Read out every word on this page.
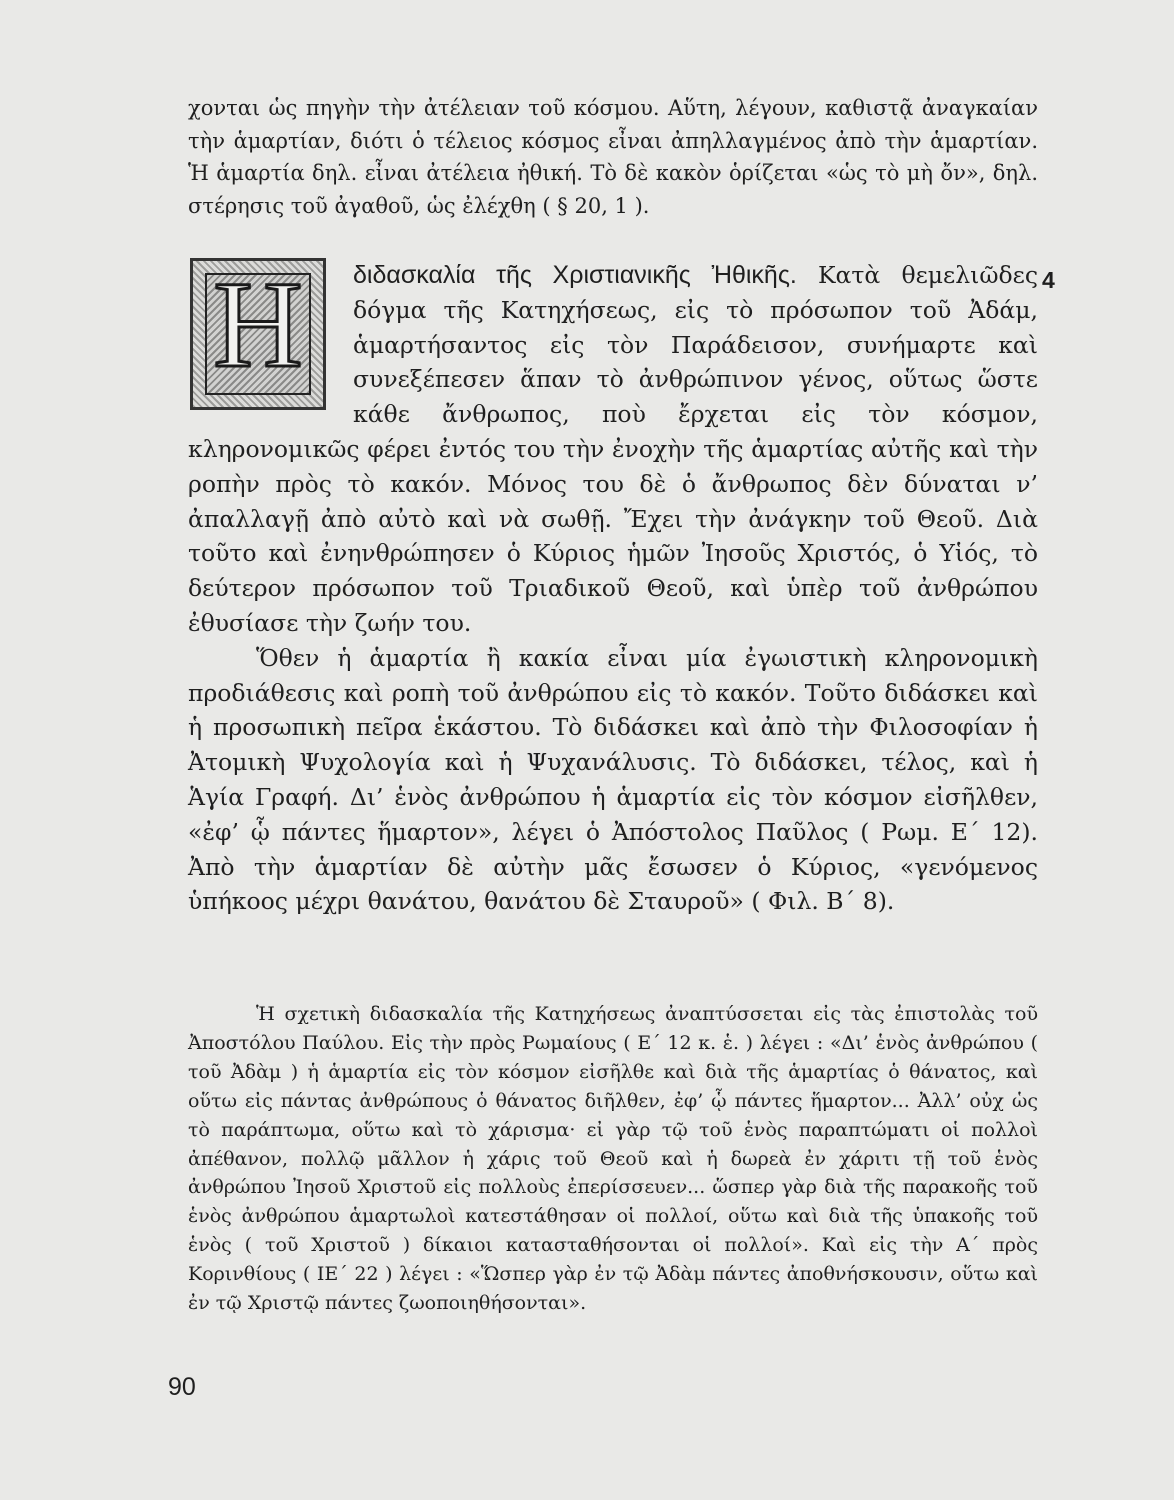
χονται ὡς πηγὴν τὴν ἀτέλειαν τοῦ κόσμου. Αὕτη, λέγουν, καθιστᾷ ἀναγκαίαν τὴν ἁμαρτίαν, διότι ὁ τέλειος κόσμος εἶναι ἀπηλλαγμένος ἀπὸ τὴν ἁμαρτίαν. Ἡ ἁμαρτία δηλ. εἶναι ἀτέλεια ἠθική. Τὸ δὲ κακὸν ὁρίζεται «ὡς τὸ μὴ ὄν», δηλ. στέρησις τοῦ ἀγαθοῦ, ὡς ἐλέχθη ( § 20, 1 ).

Η	4

διδασκαλία τῆς Χριστιανικῆς Ἠθικῆς. Κατὰ θεμελιῶδες δόγμα τῆς Κατηχήσεως, εἰς τὸ πρόσωπον τοῦ Ἀδάμ, ἁμαρτήσαντος εἰς τὸν Παράδεισον, συνήμαρτε καὶ συνεξέπεσεν ἅπαν τὸ ἀνθρώπινον γένος, οὕτως ὥστε κάθε ἄνθρωπος, ποὺ ἔρχεται εἰς τὸν κόσμον, κληρονομικῶς φέρει ἐντός του τὴν ἐνοχὴν τῆς ἁμαρτίας αὐτῆς καὶ τὴν ροπὴν πρὸς τὸ κακόν. Μόνος του δὲ ὁ ἄνθρωπος δὲν δύναται ν’ ἀπαλλαγῇ ἀπὸ αὐτὸ καὶ νὰ σωθῇ. Ἔχει τὴν ἀνάγκην τοῦ Θεοῦ. Διὰ τοῦτο καὶ ἐνηνθρώπησεν ὁ Κύριος ἡμῶν Ἰησοῦς Χριστός, ὁ Υἱός, τὸ δεύτερον πρόσωπον τοῦ Τριαδικοῦ Θεοῦ, καὶ ὑπὲρ τοῦ ἀνθρώπου ἐθυσίασε τὴν ζωήν του.

Ὅθεν ἡ ἁμαρτία ἢ κακία εἶναι μία ἐγωιστικὴ κληρονομικὴ προδιάθεσις καὶ ροπὴ τοῦ ἀνθρώπου εἰς τὸ κακόν. Τοῦτο διδάσκει καὶ ἡ προσωπικὴ πεῖρα ἑκάστου. Τὸ διδάσκει καὶ ἀπὸ τὴν Φιλοσοφίαν ἡ Ἀτομικὴ Ψυχολογία καὶ ἡ Ψυχανάλυσις. Τὸ διδάσκει, τέλος, καὶ ἡ Ἁγία Γραφή. Δι’ ἑνὸς ἀνθρώπου ἡ ἁμαρτία εἰς τὸν κόσμον εἰσῆλθεν, «ἐφ’ ᾧ πάντες ἥμαρτον», λέγει ὁ Ἀπόστολος Παῦλος ( Ρωμ. Ε΄ 12). Ἀπὸ τὴν ἁμαρτίαν δὲ αὐτὴν μᾶς ἔσωσεν ὁ Κύριος, «γενόμενος ὑπήκοος μέχρι θανάτου, θανάτου δὲ Σταυροῦ» ( Φιλ. Β΄ 8).

Ἡ σχετικὴ διδασκαλία τῆς Κατηχήσεως ἀναπτύσσεται εἰς τὰς ἐπιστολὰς τοῦ Ἀποστόλου Παύλου. Εἰς τὴν πρὸς Ρωμαίους ( Ε΄ 12 κ. ἑ. ) λέγει : «Δι’ ἑνὸς ἀνθρώπου ( τοῦ Ἀδὰμ ) ἡ ἁμαρτία εἰς τὸν κόσμον εἰσῆλθε καὶ διὰ τῆς ἁμαρτίας ὁ θάνατος, καὶ οὕτω εἰς πάντας ἀνθρώπους ὁ θάνατος διῆλθεν, ἐφ’ ᾧ πάντες ἥμαρτον... Ἀλλ’ οὐχ ὡς τὸ παράπτωμα, οὕτω καὶ τὸ χάρισμα· εἰ γὰρ τῷ τοῦ ἑνὸς παραπτώματι οἱ πολλοὶ ἀπέθανον, πολλῷ μᾶλλον ἡ χάρις τοῦ Θεοῦ καὶ ἡ δωρεὰ ἐν χάριτι τῇ τοῦ ἑνὸς ἀνθρώπου Ἰησοῦ Χριστοῦ εἰς πολλοὺς ἐπερίσσευεν... ὥσπερ γὰρ διὰ τῆς παρακοῆς τοῦ ἑνὸς ἀνθρώπου ἁμαρτωλοὶ κατεστάθησαν οἱ πολλοί, οὕτω καὶ διὰ τῆς ὑπακοῆς τοῦ ἑνὸς ( τοῦ Χριστοῦ ) δίκαιοι κατασταθήσονται οἱ πολλοί». Καὶ εἰς τὴν Α΄ πρὸς Κορινθίους ( ΙΕ΄ 22 ) λέγει : «Ὥσπερ γὰρ ἐν τῷ Ἀδὰμ πάντες ἀποθνήσκουσιν, οὕτω καὶ ἐν τῷ Χριστῷ πάντες ζωοποιηθήσονται».

90
